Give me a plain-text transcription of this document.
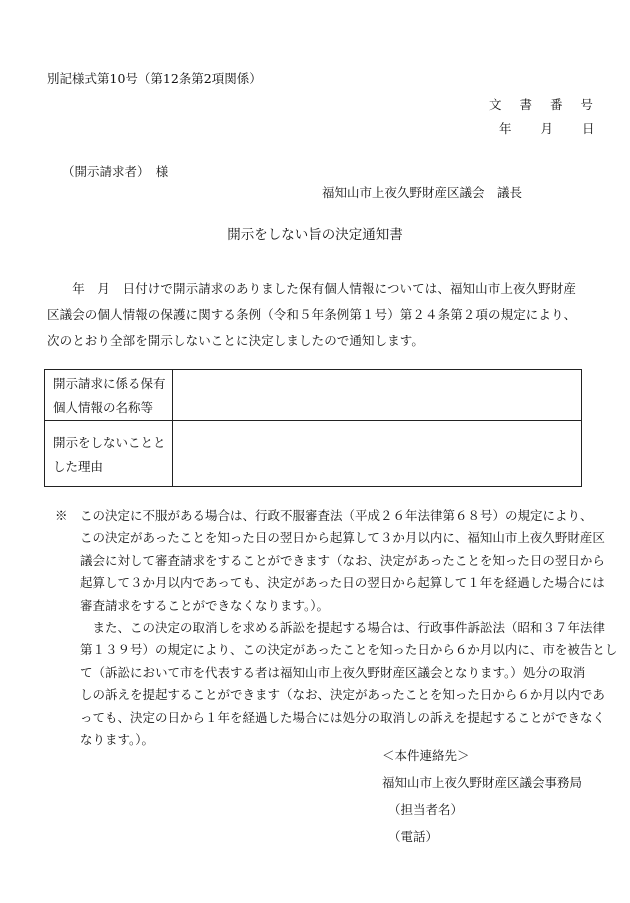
別記様式第10号（第12条第2項関係）
文 書 番 号
年 月 日
（開示請求者）　様
福知山市上夜久野財産区議会　議長
開示をしない旨の決定通知書
　　年　月　日付けで開示請求のありました保有個人情報については、福知山市上夜久野財産
区議会の個人情報の保護に関する条例（令和５年条例第１号）第２４条第２項の規定により、
次のとおり全部を開示しないことに決定しましたので通知します。
開示請求に係る保有
個人情報の名称等
開示をしないことと
した理由
※　この決定に不服がある場合は、行政不服審査法（平成２６年法律第６８号）の規定により、
　　この決定があったことを知った日の翌日から起算して３か月以内に、福知山市上夜久野財産区
　　議会に対して審査請求をすることができます（なお、決定があったことを知った日の翌日から
　　起算して３か月以内であっても、決定があった日の翌日から起算して１年を経過した場合には
　　審査請求をすることができなくなります。）。
　　　また、この決定の取消しを求める訴訟を提起する場合は、行政事件訴訟法（昭和３７年法律
　　第１３９号）の規定により、この決定があったことを知った日から６か月以内に、市を被告とし
　　て（訴訟において市を代表する者は福知山市上夜久野財産区議会となります。）処分の取消
　　しの訴えを提起することができます（なお、決定があったことを知った日から６か月以内であ
　　っても、決定の日から１年を経過した場合には処分の取消しの訴えを提起することができなく
　　なります。）。
＜本件連絡先＞
福知山市上夜久野財産区議会事務局
（担当者名）
（電話）
